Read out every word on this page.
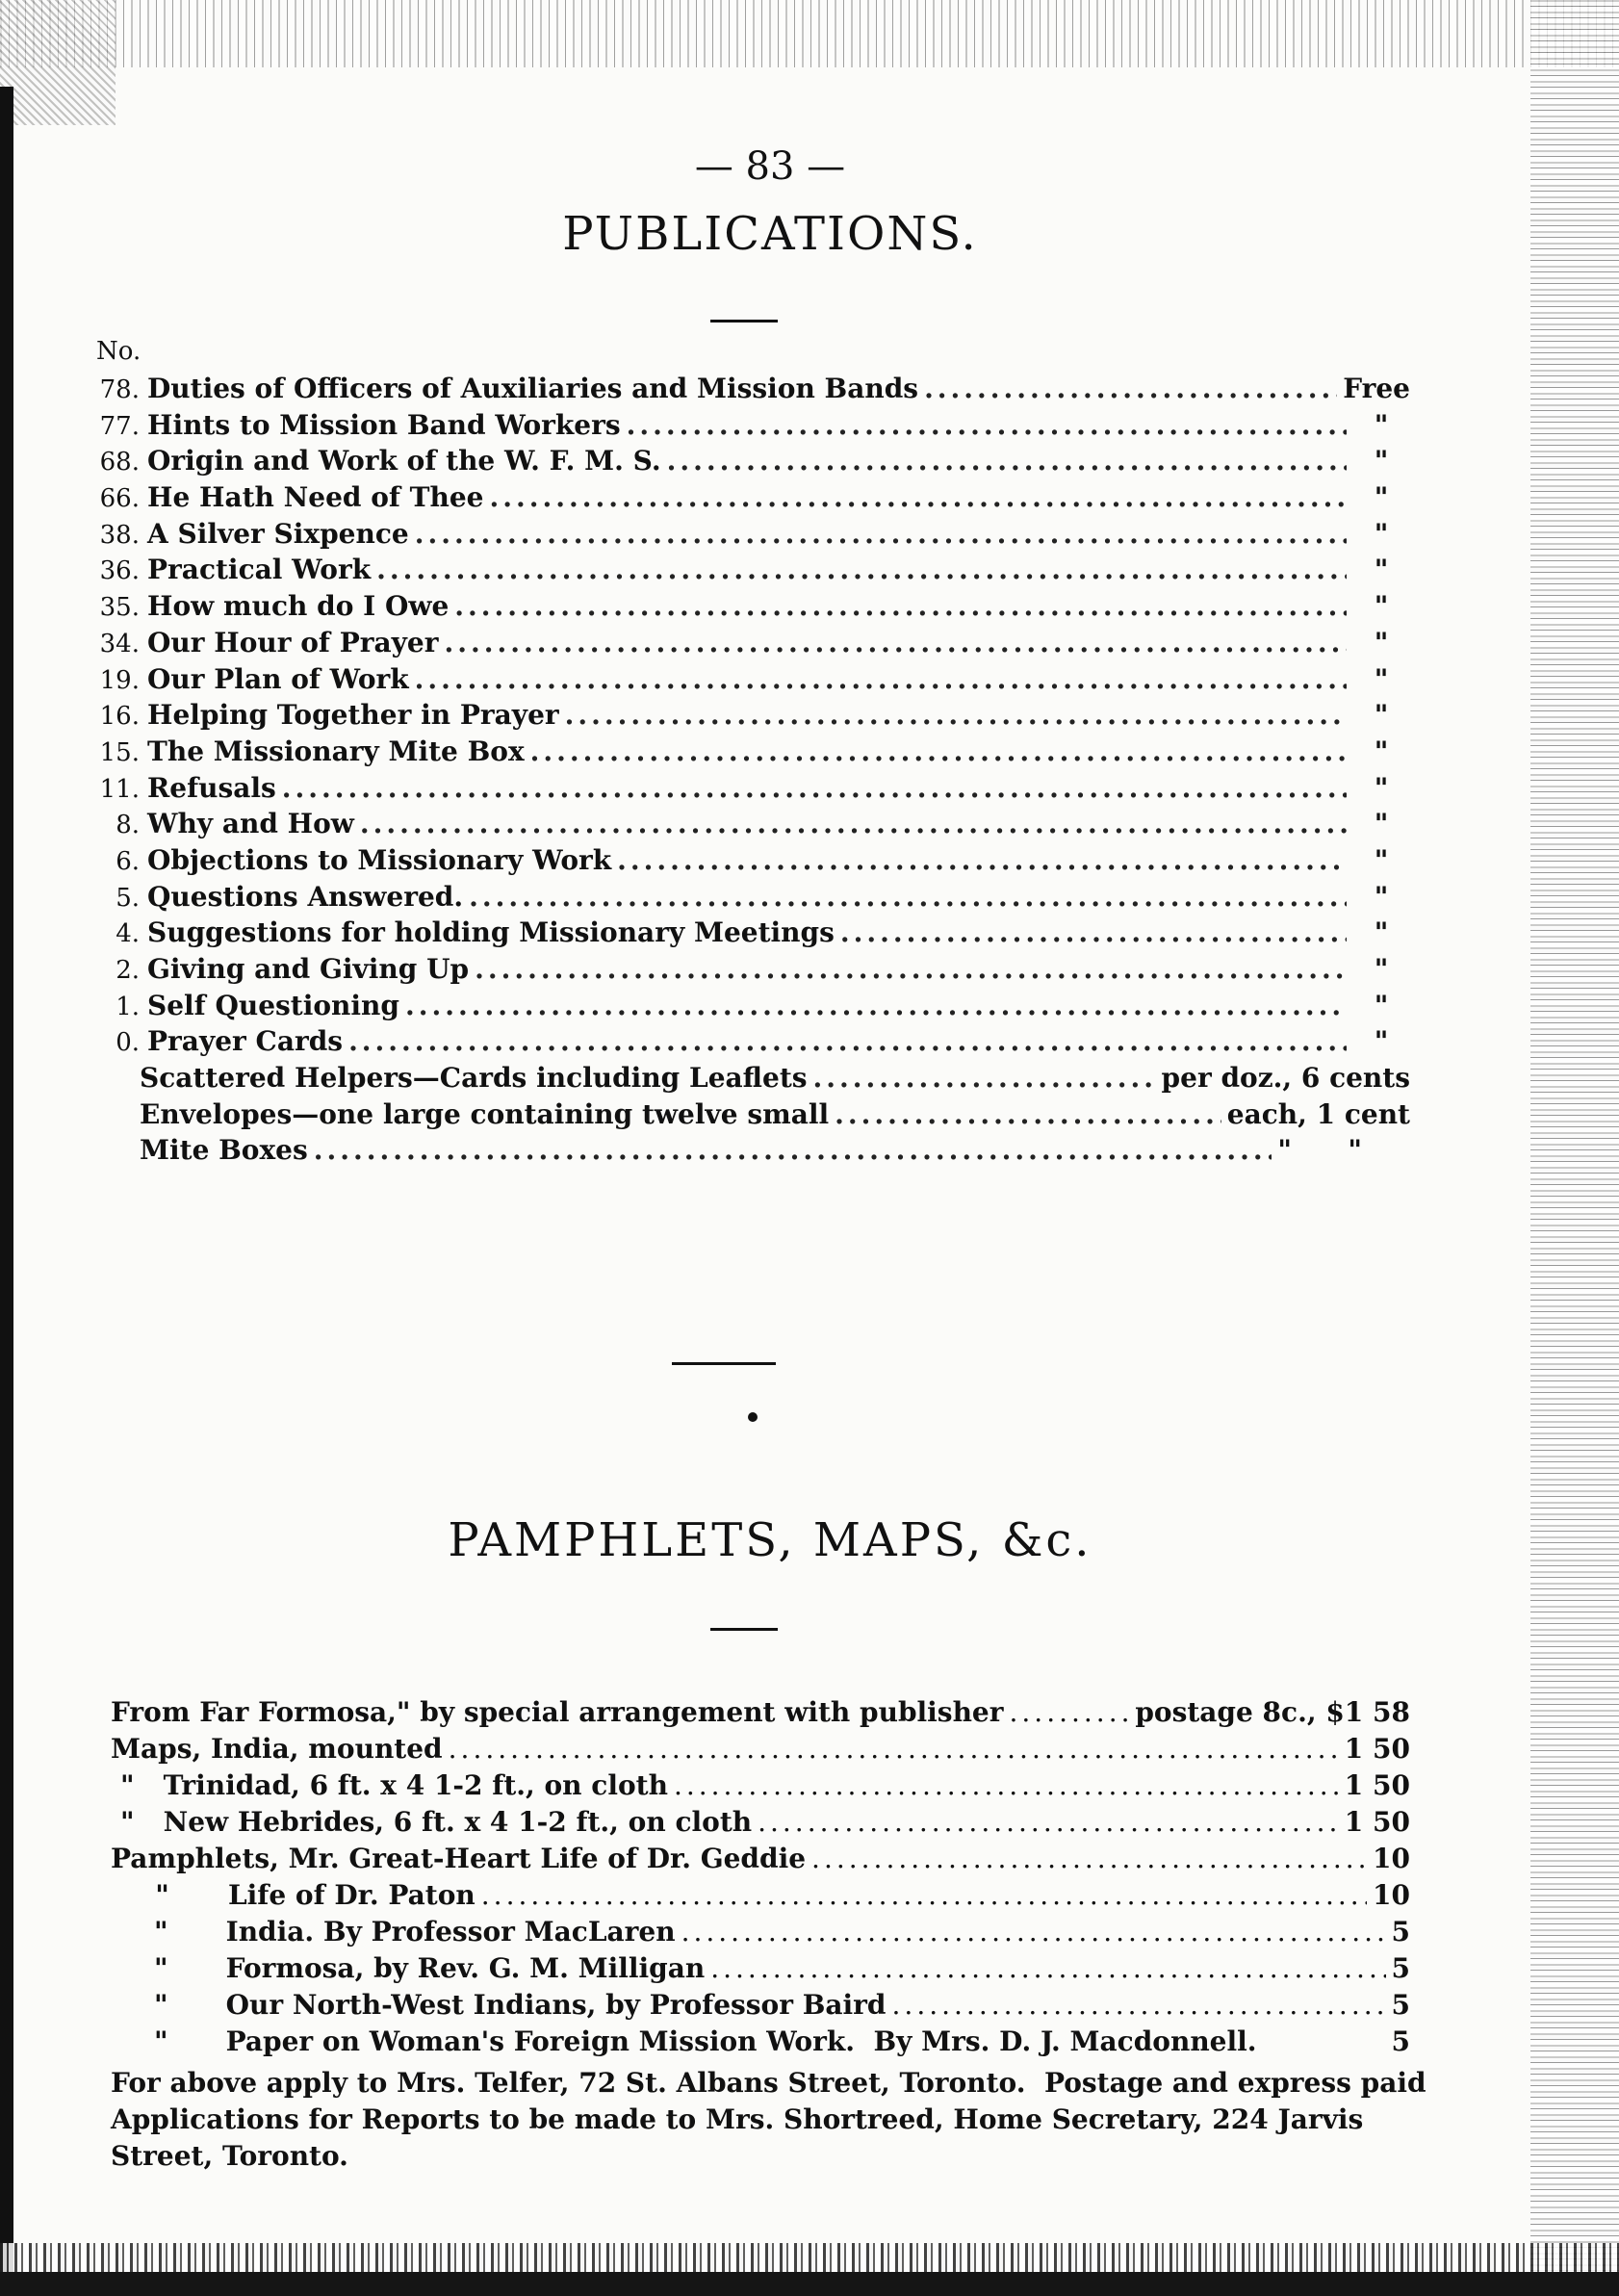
— 83 —
PUBLICATIONS.
No.
78. Duties of Officers of Auxiliaries and Mission Bands .....	Free
77. Hints to Mission Band Workers .....	"
68. Origin and Work of the W. F. M. S. .....	"
66. He Hath Need of Thee .....	"
38. A Silver Sixpence .....	"
36. Practical Work .....	"
35. How much do I Owe .....	"
34. Our Hour of Prayer .....	"
19. Our Plan of Work .....	"
16. Helping Together in Prayer .....	"
15. The Missionary Mite Box .....	"
11. Refusals .....	"
8. Why and How .....	"
6. Objections to Missionary Work .....	"
5. Questions Answered. .....	"
4. Suggestions for holding Missionary Meetings .....	"
2. Giving and Giving Up .....	"
1. Self Questioning .....	"
0. Prayer Cards .....	"
Scattered Helpers—Cards including Leaflets .....	per doz., 6 cents
Envelopes—one large containing twelve small .....	each, 1 cent
Mite Boxes .....	"      "
PAMPHLETS, MAPS, &c.
From Far Formosa," by special arrangement with publisher .....	postage 8c., $1 58
Maps, India, mounted .....	1 50
" Trinidad, 6 ft. x 4 1-2 ft., on cloth .....	1 50
" New Hebrides, 6 ft. x 4 1-2 ft., on cloth .....	1 50
Pamphlets, Mr. Great-Heart Life of Dr. Geddie .....	10
" Life of Dr. Paton .....	10
" India. By Professor MacLaren .....	5
" Formosa, by Rev. G. M. Milligan .....	5
" Our North-West Indians, by Professor Baird .....	5
" Paper on Woman's Foreign Mission Work.  By Mrs. D. J. Macdonnell.	5

For above apply to Mrs. Telfer, 72 St. Albans Street, Toronto.  Postage and express paid

Applications for Reports to be made to Mrs. Shortreed, Home Secretary, 224 Jarvis

Street, Toronto.
